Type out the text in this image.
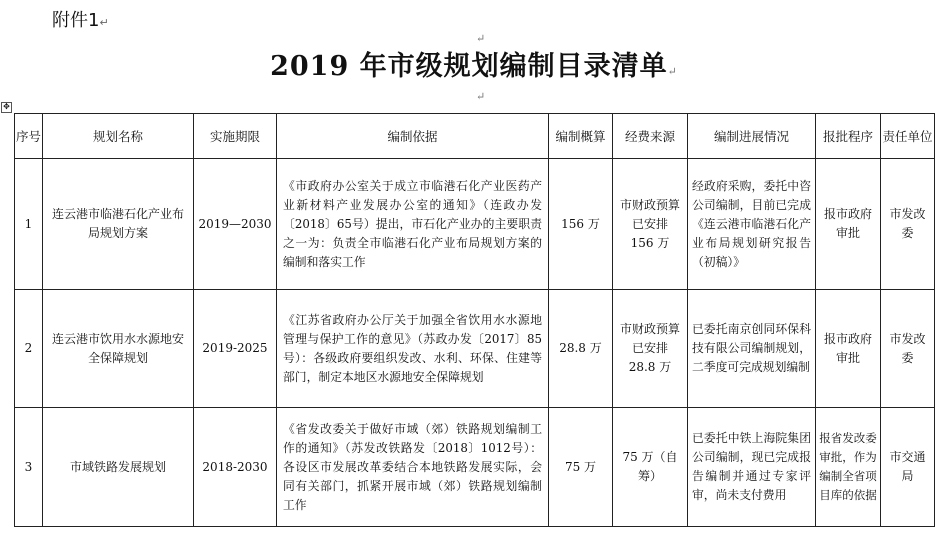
附件1↵
↵
2019 年市级规划编制目录清单↵
↵
✥
序号	规划名称	实施期限	编制依据	编制概算	经费来源	编制进展情况	报批程序	责任单位
1	连云港市临港石化产业布局规划方案	2019—2030	《市政府办公室关于成立市临港石化产业医药产业新材料产业发展办公室的通知》（连政办发〔2018〕65号）提出，市石化产业办的主要职责之一为：负责全市临港石化产业布局规划方案的编制和落实工作	156 万	市财政预算已安排 156 万	经政府采购，委托中咨公司编制，目前已完成《连云港市临港石化产业布局规划研究报告（初稿）》	报市政府审批	市发改委
2	连云港市饮用水水源地安全保障规划	2019-2025	《江苏省政府办公厅关于加强全省饮用水水源地管理与保护工作的意见》（苏政办发〔2017〕85号）：各级政府要组织发改、水利、环保、住建等部门，制定本地区水源地安全保障规划	28.8 万	市财政预算已安排 28.8 万	已委托南京创同环保科技有限公司编制规划，二季度可完成规划编制	报市政府审批	市发改委
3	市域铁路发展规划	2018-2030	《省发改委关于做好市域（郊）铁路规划编制工作的通知》（苏发改铁路发〔2018〕1012号）：各设区市发展改革委结合本地铁路发展实际，会同有关部门，抓紧开展市域（郊）铁路规划编制工作	75 万	75 万（自筹）	已委托中铁上海院集团公司编制，现已完成报告编制并通过专家评审，尚未支付费用	报省发改委审批，作为编制全省项目库的依据	市交通局
